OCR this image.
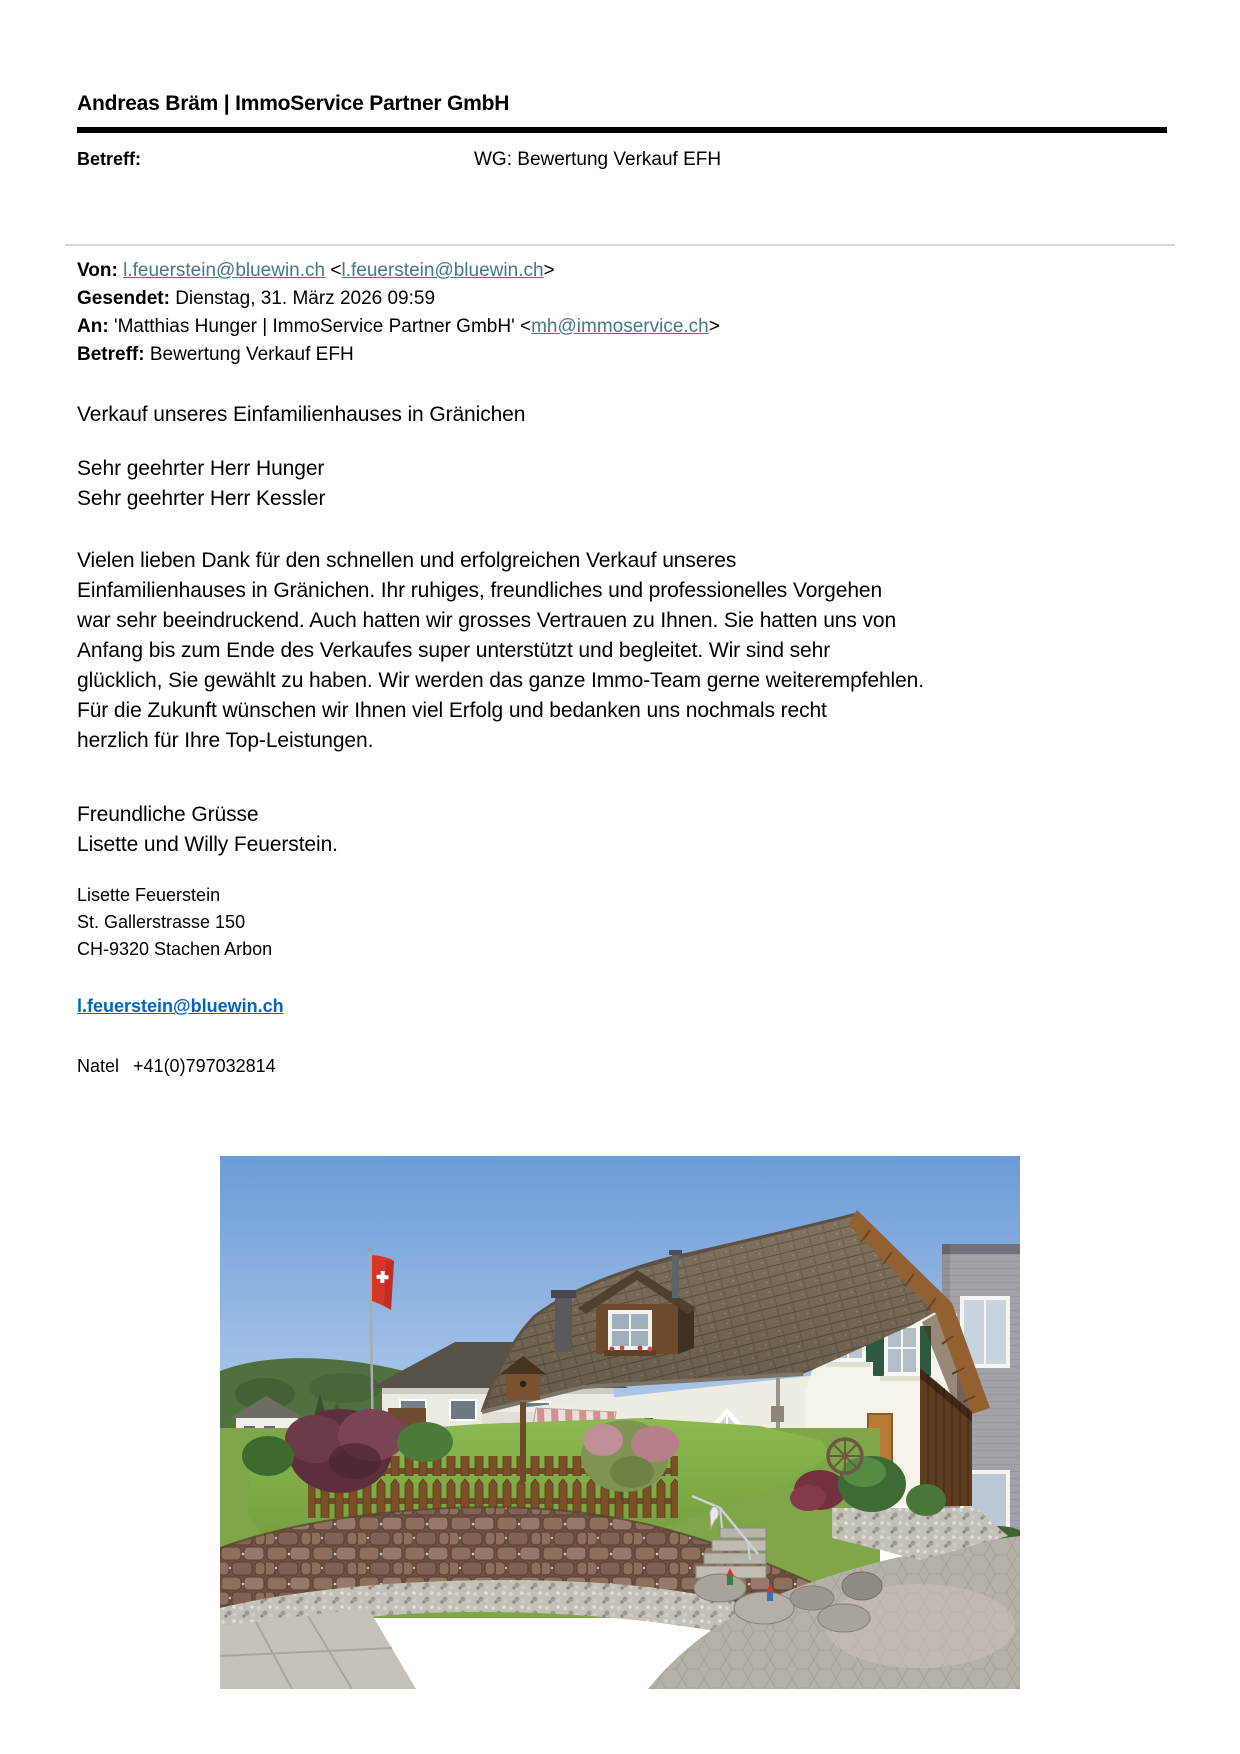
Andreas Bräm | ImmoService Partner GmbH
Betreff:	WG: Bewertung Verkauf EFH
Von: l.feuerstein@bluewin.ch <l.feuerstein@bluewin.ch>
Gesendet: Dienstag, 31. März 2026 09:59
An: 'Matthias Hunger | ImmoService Partner GmbH' <mh@immoservice.ch>
Betreff: Bewertung Verkauf EFH
Verkauf unseres Einfamilienhauses in Gränichen
Sehr geehrter Herr Hunger
Sehr geehrter Herr Kessler
Vielen lieben Dank für den schnellen und erfolgreichen Verkauf unseres
Einfamilienhauses in Gränichen. Ihr ruhiges, freundliches und professionelles Vorgehen
war sehr beeindruckend. Auch hatten wir grosses Vertrauen zu Ihnen. Sie hatten uns von
Anfang bis zum Ende des Verkaufes super unterstützt und begleitet. Wir sind sehr
glücklich, Sie gewählt zu haben. Wir werden das ganze Immo-Team gerne weiterempfehlen.
Für die Zukunft wünschen wir Ihnen viel Erfolg und bedanken uns nochmals recht
herzlich für Ihre Top-Leistungen.
Freundliche Grüsse
Lisette und Willy Feuerstein.
Lisette Feuerstein
St. Gallerstrasse 150
CH-9320 Stachen Arbon
l.feuerstein@bluewin.ch
Natel +41(0)797032814
